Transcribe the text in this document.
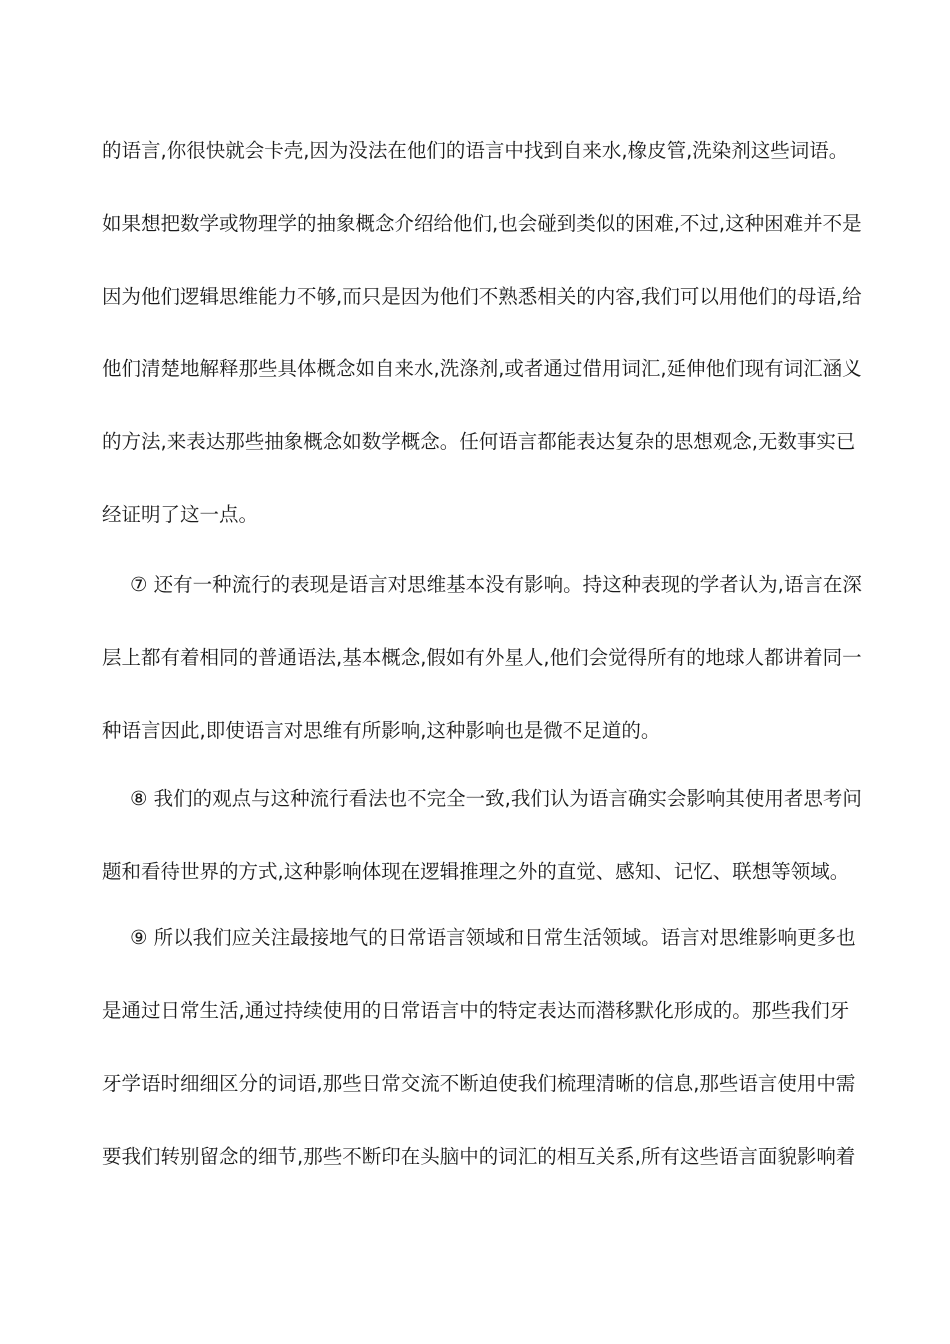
的语言,你很快就会卡壳,因为没法在他们的语言中找到自来水,橡皮管,洗染剂这些词语。
如果想把数学或物理学的抽象概念介绍给他们,也会碰到类似的困难,不过,这种困难并不是
因为他们逻辑思维能力不够,而只是因为他们不熟悉相关的内容,我们可以用他们的母语,给
他们清楚地解释那些具体概念如自来水,洗涤剂,或者通过借用词汇,延伸他们现有词汇涵义
的方法,来表达那些抽象概念如数学概念。任何语言都能表达复杂的思想观念,无数事实已
经证明了这一点。
⑦ 还有一种流行的表现是语言对思维基本没有影响。持这种表现的学者认为,语言在深
层上都有着相同的普通语法,基本概念,假如有外星人,他们会觉得所有的地球人都讲着同一
种语言因此,即使语言对思维有所影响,这种影响也是微不足道的。
⑧ 我们的观点与这种流行看法也不完全一致,我们认为语言确实会影响其使用者思考问
题和看待世界的方式,这种影响体现在逻辑推理之外的直觉、感知、记忆、联想等领域。
⑨ 所以我们应关注最接地气的日常语言领域和日常生活领域。语言对思维影响更多也
是通过日常生活,通过持续使用的日常语言中的特定表达而潜移默化形成的。那些我们牙
牙学语时细细区分的词语,那些日常交流不断迫使我们梳理清晰的信息,那些语言使用中需
要我们转别留念的细节,那些不断印在头脑中的词汇的相互关系,所有这些语言面貌影响着
